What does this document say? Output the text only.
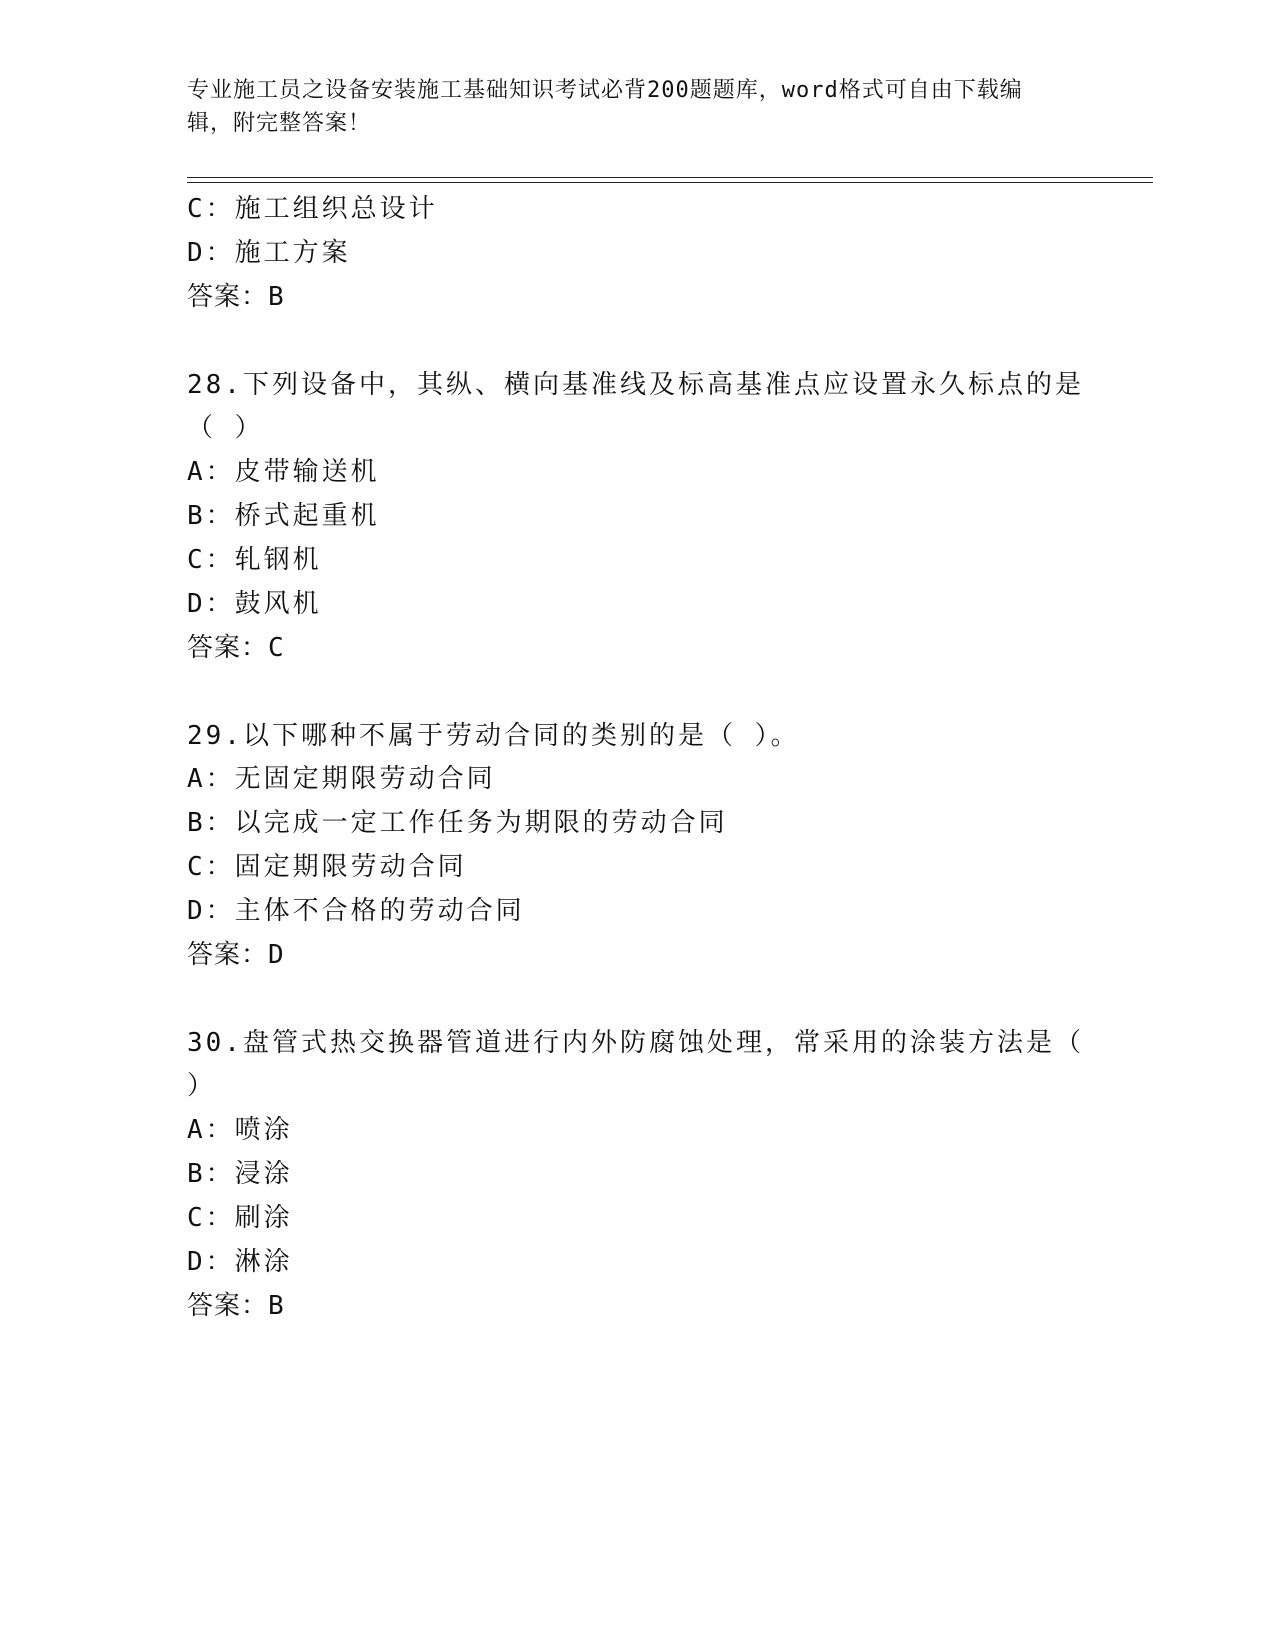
专业施工员之设备安装施工基础知识考试必背200题题库，word格式可自由下载编辑，附完整答案！
C：施工组织总设计
D：施工方案
答案：B
28.下列设备中，其纵、横向基准线及标高基准点应设置永久标点的是
（ ）
A：皮带输送机
B：桥式起重机
C：轧钢机
D：鼓风机
答案：C
29.以下哪种不属于劳动合同的类别的是（ ）。
A：无固定期限劳动合同
B：以完成一定工作任务为期限的劳动合同
C：固定期限劳动合同
D：主体不合格的劳动合同
答案：D
30.盘管式热交换器管道进行内外防腐蚀处理，常采用的涂装方法是（
）
A：喷涂
B：浸涂
C：刷涂
D：淋涂
答案：B
